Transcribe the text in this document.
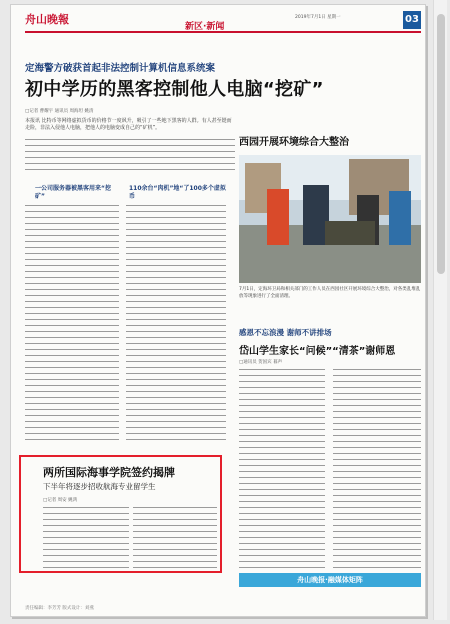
舟山晚報
新区·新闻
2019年7月1日 星期一	03
定海警方破获首起非法控制计算机信息系统案
初中学历的黑客控制他人电脑“挖矿”
□记者 曹耀宇 通讯员 周海坦 姚清
本报讯 比特币等网络虚拟货币的价格节一度讽升，吸引了一些地下黑客的人群。有人甚至铤而走险，非法入侵他人电脑，把他人的电脑变成自己的“矿机”。
一公司服务器被黑客用来“挖矿”
110余台“肉机”地“了100多个虚拟币
西园开展环境综合大整治
7月1日，定海环卫局和相关部门的工作人员在西园社区开展环境综合大整治，对各类乱堆乱放等现象进行了全面清理。
感恩不忘浪漫 谢师不讲排场
岱山学生家长“问候”“清茶”谢师恩
□通讯员 贺国宾 暮声
两所国际海事学院签约揭牌
下半年将逐步招收航海专业留学生
□记者 周安 姚鸿
舟山晚报·融媒体矩阵
责任编辑：李芳芳 版式设计：刘燕
